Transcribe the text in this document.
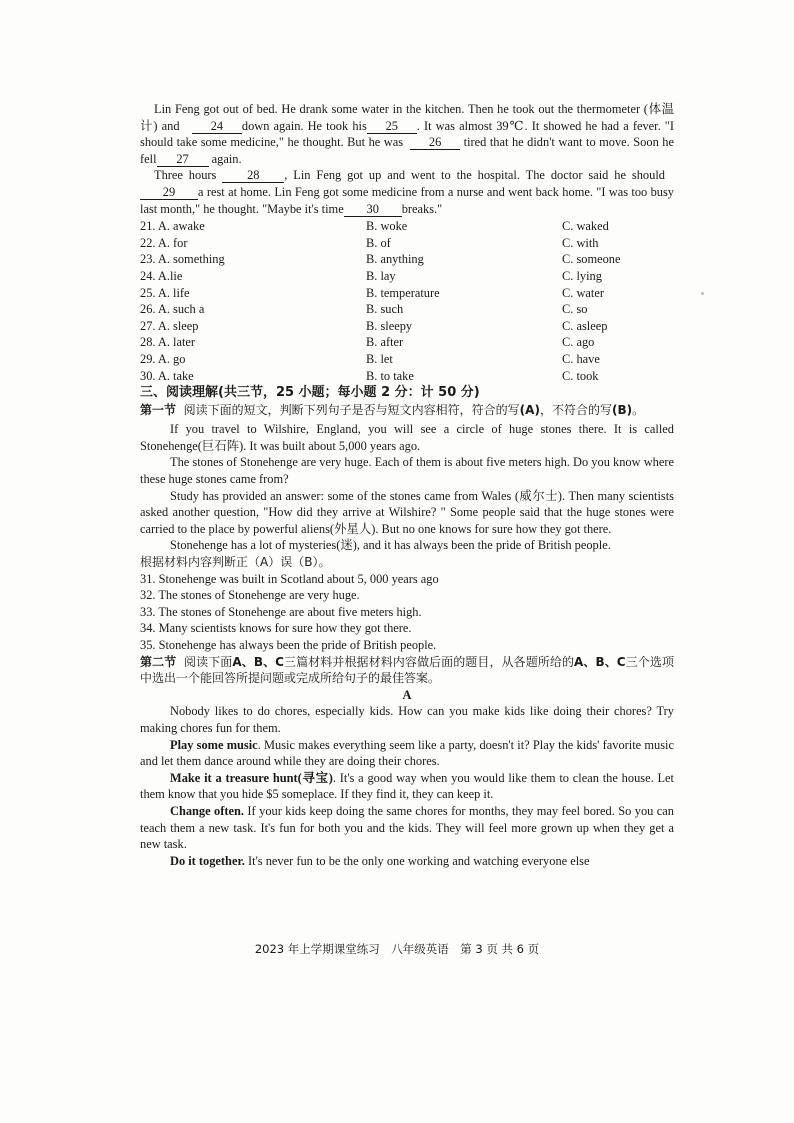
Lin Feng got out of bed. He drank some water in the kitchen. Then he took out the thermometer (体温计) and	24 down again. He took his 25 . It was almost 39℃. It showed he had a fever. "I should take some medicine," he thought. But he was 26 tired that he didn't want to move. Soon he fell 27 again.

Three hours 28 , Lin Feng got up and went to the hospital. The doctor said he should  29 a rest at home. Lin Feng got some medicine from a nurse and went back home. "I was too busy last month," he thought. "Maybe it's time 30 breaks."

21. A. awake	B. woke	C. waked
22. A. for	B. of	C. with
23. A. something	B. anything	C. someone
24. A.lie	B. lay	C. lying
25. A. life	B. temperature	C. water
26. A. such a	B. such	C. so
27. A. sleep	B. sleepy	C. asleep
28. A. later	B. after	C. ago
29. A. go	B. let	C. have
30. A. take	B. to take	C. took
三、阅读理解(共三节，25 小题；每小题 2 分：计 50 分)

第一节 阅读下面的短文，判断下列句子是否与短文内容相符，符合的写(A)，不符合的写(B)。

If you travel to Wilshire, England, you will see a circle of huge stones there. It is called Stonehenge(巨石阵). It was built about 5,000 years ago.

The stones of Stonehenge are very huge. Each of them is about five meters high. Do you know where these huge stones came from?

Study has provided an answer: some of the stones came from Wales (威尔士). Then many scientists asked another question, "How did they arrive at Wilshire? " Some people said that the huge stones were carried to the place by powerful aliens(外星人). But no one knows for sure how they got there.

Stonehenge has a lot of mysteries(迷), and it has always been the pride of British people.

根据材料内容判断正（A）误（B）。

31. Stonehenge was built in Scotland about 5, 000 years ago

32. The stones of Stonehenge are very huge.

33. The stones of Stonehenge are about five meters high.

34. Many scientists knows for sure how they got there.

35. Stonehenge has always been the pride of British people.

第二节 阅读下面A、B、C三篇材料并根据材料内容做后面的题目，从各题所给的A、B、C三个选项中选出一个能回答所提问题或完成所给句子的最佳答案。

A

Nobody likes to do chores, especially kids. How can you make kids like doing their chores? Try making chores fun for them.

Play some music. Music makes everything seem like a party, doesn't it? Play the kids' favorite music and let them dance around while they are doing their chores.

Make it a treasure hunt(寻宝). It's a good way when you would like them to clean the house. Let them know that you hide $5 someplace. If they find it, they can keep it.

Change often. If your kids keep doing the same chores for months, they may feel bored. So you can teach them a new task. It's fun for both you and the kids. They will feel more grown up when they get a new task.

Do it together. It's never fun to be the only one working and watching everyone else

2023 年上学期课堂练习　八年级英语　第 3 页 共 6 页
